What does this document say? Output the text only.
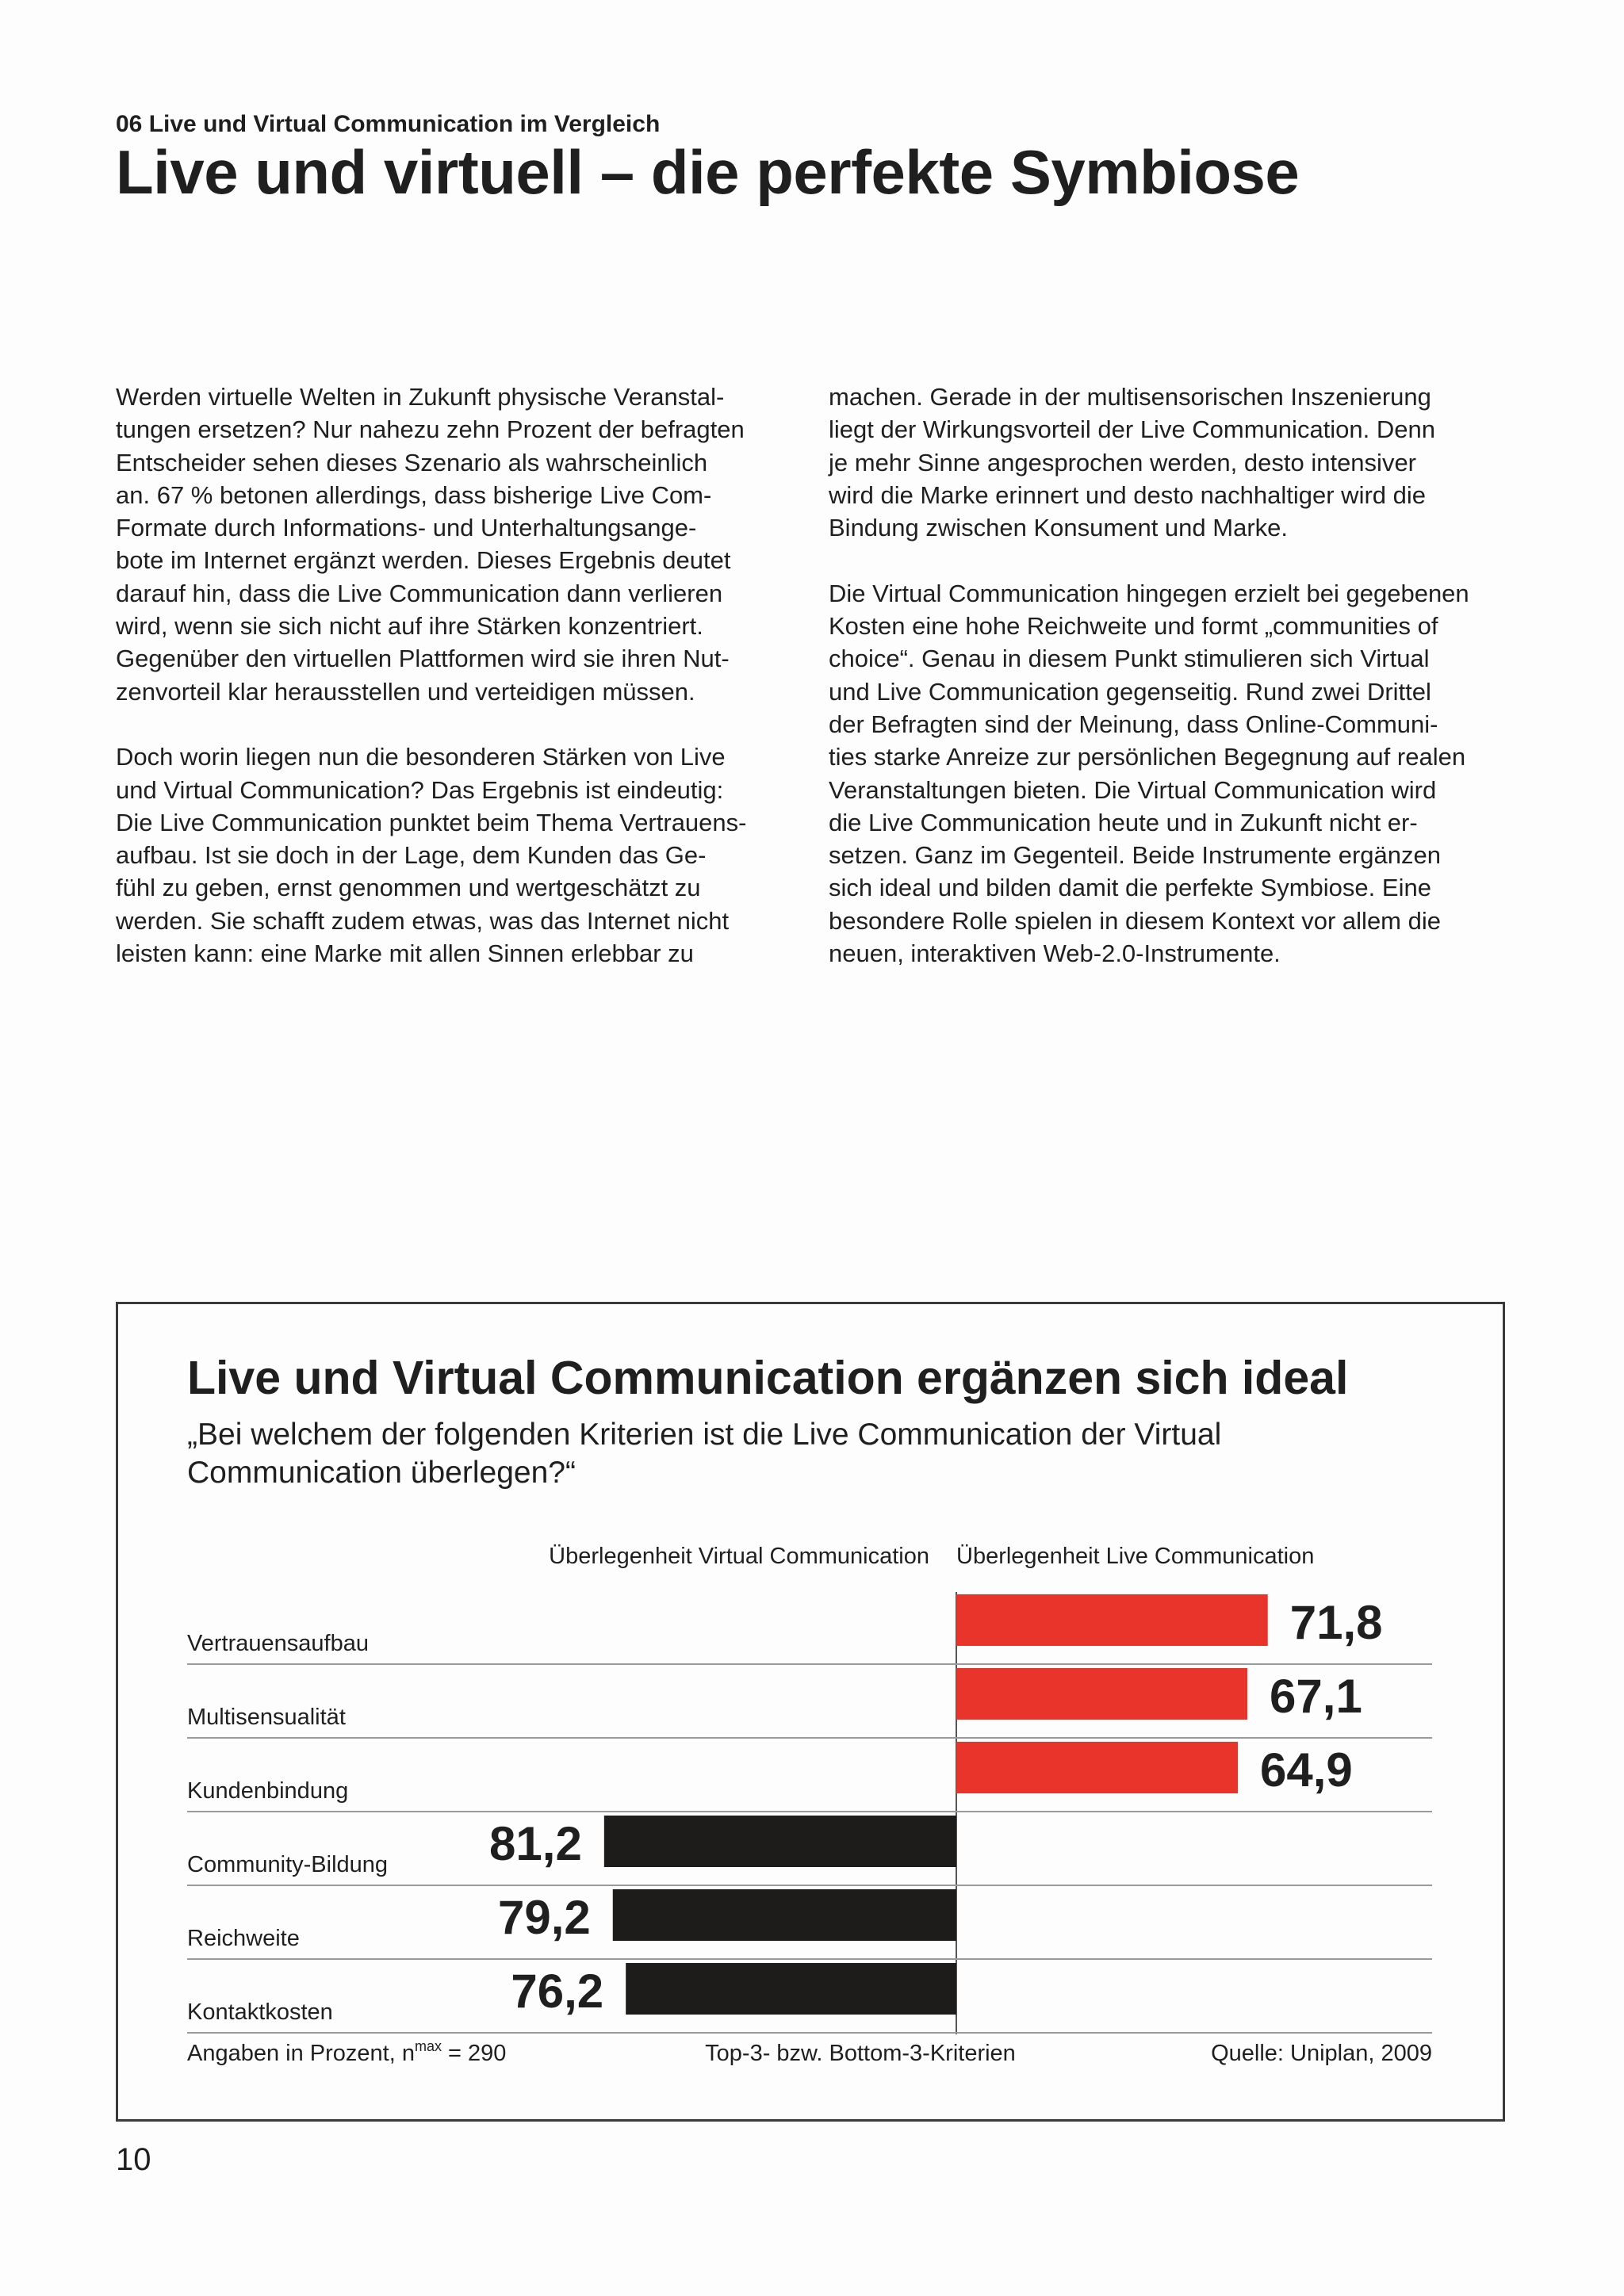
06 Live und Virtual Communication im Vergleich
Live und virtuell – die perfekte Symbiose

Werden virtuelle Welten in Zukunft physische Veranstal-
tungen ersetzen? Nur nahezu zehn Prozent der befragten
Entscheider sehen dieses Szenario als wahrscheinlich
an. 67 % betonen allerdings, dass bisherige Live Com-
Formate durch Informations- und Unterhaltungsange-
bote im Internet ergänzt werden. Dieses Ergebnis deutet
darauf hin, dass die Live Communication dann verlieren
wird, wenn sie sich nicht auf ihre Stärken konzentriert.
Gegenüber den virtuellen Plattformen wird sie ihren Nut-
zenvorteil klar herausstellen und verteidigen müssen.

Doch worin liegen nun die besonderen Stärken von Live
und Virtual Communication? Das Ergebnis ist eindeutig:
Die Live Communication punktet beim Thema Vertrauens-
aufbau. Ist sie doch in der Lage, dem Kunden das Ge-
fühl zu geben, ernst genommen und wertgeschätzt zu
werden. Sie schafft zudem etwas, was das Internet nicht
leisten kann: eine Marke mit allen Sinnen erlebbar zu

machen. Gerade in der multisensorischen Inszenierung
liegt der Wirkungsvorteil der Live Communication. Denn
je mehr Sinne angesprochen werden, desto intensiver
wird die Marke erinnert und desto nachhaltiger wird die
Bindung zwischen Konsument und Marke.

Die Virtual Communication hingegen erzielt bei gegebenen
Kosten eine hohe Reichweite und formt „communities of
choice“. Genau in diesem Punkt stimulieren sich Virtual
und Live Communication gegenseitig. Rund zwei Drittel
der Befragten sind der Meinung, dass Online-Communi-
ties starke Anreize zur persönlichen Begegnung auf realen
Veranstaltungen bieten. Die Virtual Communication wird
die Live Communication heute und in Zukunft nicht er-
setzen. Ganz im Gegenteil. Beide Instrumente ergänzen
sich ideal und bilden damit die perfekte Symbiose. Eine
besondere Rolle spielen in diesem Kontext vor allem die
neuen, interaktiven Web-2.0-Instrumente.

Live und Virtual Communication ergänzen sich ideal
„Bei welchem der folgenden Kriterien ist die Live Communication der Virtual
Communication überlegen?“
Überlegenheit Virtual Communication Überlegenheit Live Communication
Vertrauensaufbau	71,8
Multisensualität	67,1
Kundenbindung	64,9
Community-Bildung 81,2
Reichweite	79,2
Kontaktkosten	76,2
Angaben in Prozent, $n^{max} = 290$	Top-3- bzw. Bottom-3-Kriterien	Quelle: Uniplan, 2009
10
